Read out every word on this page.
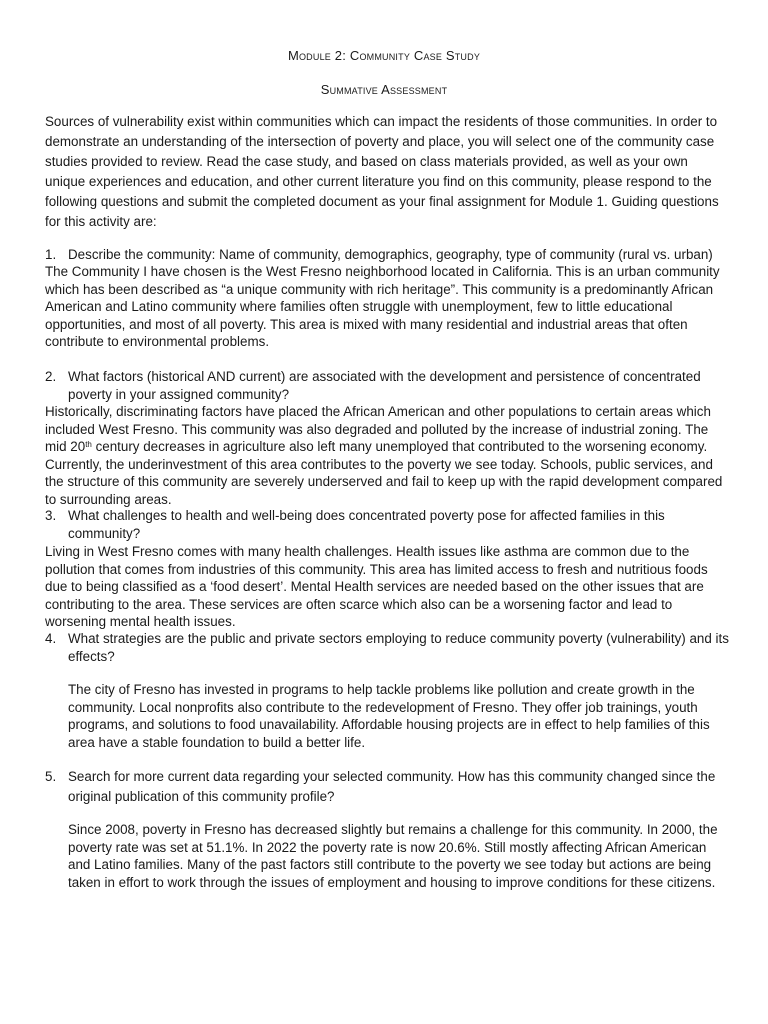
Module 2: Community Case Study
Summative Assessment
Sources of vulnerability exist within communities which can impact the residents of those communities. In order to demonstrate an understanding of the intersection of poverty and place, you will select one of the community case studies provided to review. Read the case study, and based on class materials provided, as well as your own unique experiences and education, and other current literature you find on this community, please respond to the following questions and submit the completed document as your final assignment for Module 1. Guiding questions for this activity are:
1. Describe the community: Name of community, demographics, geography, type of community (rural vs. urban)
The Community I have chosen is the West Fresno neighborhood located in California. This is an urban community which has been described as “a unique community with rich heritage”. This community is a predominantly African American and Latino community where families often struggle with unemployment, few to little educational opportunities, and most of all poverty. This area is mixed with many residential and industrial areas that often contribute to environmental problems.
2. What factors (historical AND current) are associated with the development and persistence of concentrated poverty in your assigned community?
Historically, discriminating factors have placed the African American and other populations to certain areas which included West Fresno. This community was also degraded and polluted by the increase of industrial zoning. The mid 20th century decreases in agriculture also left many unemployed that contributed to the worsening economy. Currently, the underinvestment of this area contributes to the poverty we see today. Schools, public services, and the structure of this community are severely underserved and fail to keep up with the rapid development compared to surrounding areas.
3. What challenges to health and well-being does concentrated poverty pose for affected families in this community?
Living in West Fresno comes with many health challenges. Health issues like asthma are common due to the pollution that comes from industries of this community. This area has limited access to fresh and nutritious foods due to being classified as a ‘food desert’. Mental Health services are needed based on the other issues that are contributing to the area. These services are often scarce which also can be a worsening factor and lead to worsening mental health issues.
4. What strategies are the public and private sectors employing to reduce community poverty (vulnerability) and its effects?
The city of Fresno has invested in programs to help tackle problems like pollution and create growth in the community. Local nonprofits also contribute to the redevelopment of Fresno. They offer job trainings, youth programs, and solutions to food unavailability. Affordable housing projects are in effect to help families of this area have a stable foundation to build a better life.
5. Search for more current data regarding your selected community. How has this community changed since the original publication of this community profile?
Since 2008, poverty in Fresno has decreased slightly but remains a challenge for this community. In 2000, the poverty rate was set at 51.1%. In 2022 the poverty rate is now 20.6%. Still mostly affecting African American and Latino families. Many of the past factors still contribute to the poverty we see today but actions are being taken in effort to work through the issues of employment and housing to improve conditions for these citizens.
